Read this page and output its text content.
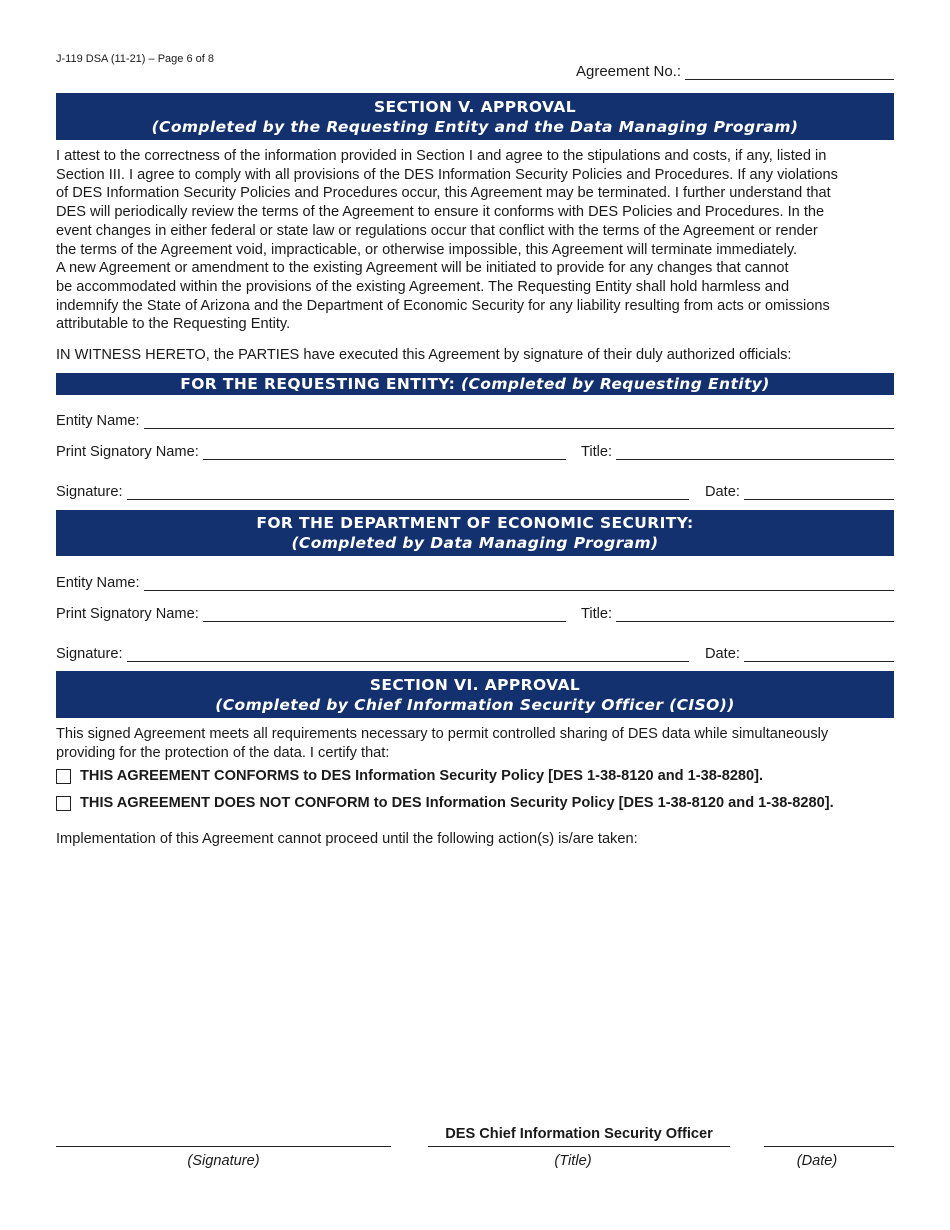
J-119 DSA (11-21) – Page 6 of 8
Agreement No.:
SECTION V. APPROVAL
(Completed by the Requesting Entity and the Data Managing Program)
I attest to the correctness of the information provided in Section I and agree to the stipulations and costs, if any, listed in
Section III. I agree to comply with all provisions of the DES Information Security Policies and Procedures. If any violations
of DES Information Security Policies and Procedures occur, this Agreement may be terminated. I further understand that
DES will periodically review the terms of the Agreement to ensure it conforms with DES Policies and Procedures. In the
event changes in either federal or state law or regulations occur that conflict with the terms of the Agreement or render
the terms of the Agreement void, impracticable, or otherwise impossible, this Agreement will terminate immediately.
A new Agreement or amendment to the existing Agreement will be initiated to provide for any changes that cannot
be accommodated within the provisions of the existing Agreement. The Requesting Entity shall hold harmless and
indemnify the State of Arizona and the Department of Economic Security for any liability resulting from acts or omissions
attributable to the Requesting Entity.
IN WITNESS HERETO, the PARTIES have executed this Agreement by signature of their duly authorized officials:
FOR THE REQUESTING ENTITY: (Completed by Requesting Entity)
Entity Name:
Print Signatory Name:	Title:
Signature:	Date:
FOR THE DEPARTMENT OF ECONOMIC SECURITY:
(Completed by Data Managing Program)
Entity Name:
Print Signatory Name:	Title:
Signature:	Date:
SECTION VI. APPROVAL
(Completed by Chief Information Security Officer (CISO))
This signed Agreement meets all requirements necessary to permit controlled sharing of DES data while simultaneously
providing for the protection of the data. I certify that:
THIS AGREEMENT CONFORMS to DES Information Security Policy [DES 1-38-8120 and 1-38-8280].
THIS AGREEMENT DOES NOT CONFORM to DES Information Security Policy [DES 1-38-8120 and 1-38-8280].
Implementation of this Agreement cannot proceed until the following action(s) is/are taken:
DES Chief Information Security Officer
(Signature)	(Title)	(Date)
